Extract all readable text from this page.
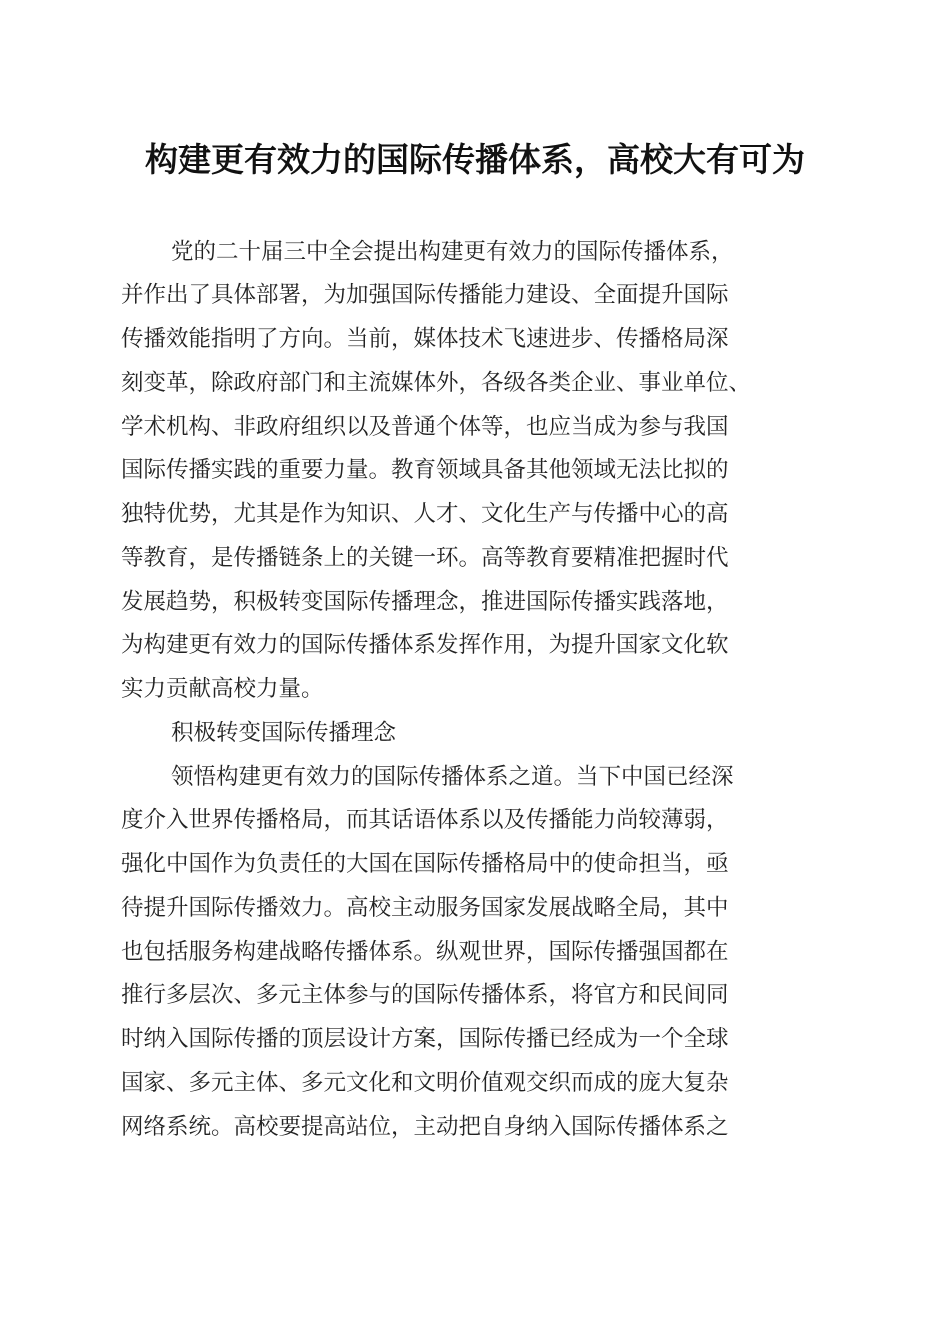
构建更有效力的国际传播体系，高校大有可为
党的二十届三中全会提出构建更有效力的国际传播体系，
并作出了具体部署，为加强国际传播能力建设、全面提升国际
传播效能指明了方向。当前，媒体技术飞速进步、传播格局深
刻变革，除政府部门和主流媒体外，各级各类企业、事业单位、
学术机构、非政府组织以及普通个体等，也应当成为参与我国
国际传播实践的重要力量。教育领域具备其他领域无法比拟的
独特优势，尤其是作为知识、人才、文化生产与传播中心的高
等教育，是传播链条上的关键一环。高等教育要精准把握时代
发展趋势，积极转变国际传播理念，推进国际传播实践落地，
为构建更有效力的国际传播体系发挥作用，为提升国家文化软
实力贡献高校力量。
积极转变国际传播理念
领悟构建更有效力的国际传播体系之道。当下中国已经深
度介入世界传播格局，而其话语体系以及传播能力尚较薄弱，
强化中国作为负责任的大国在国际传播格局中的使命担当，亟
待提升国际传播效力。高校主动服务国家发展战略全局，其中
也包括服务构建战略传播体系。纵观世界，国际传播强国都在
推行多层次、多元主体参与的国际传播体系，将官方和民间同
时纳入国际传播的顶层设计方案，国际传播已经成为一个全球
国家、多元主体、多元文化和文明价值观交织而成的庞大复杂
网络系统。高校要提高站位，主动把自身纳入国际传播体系之
